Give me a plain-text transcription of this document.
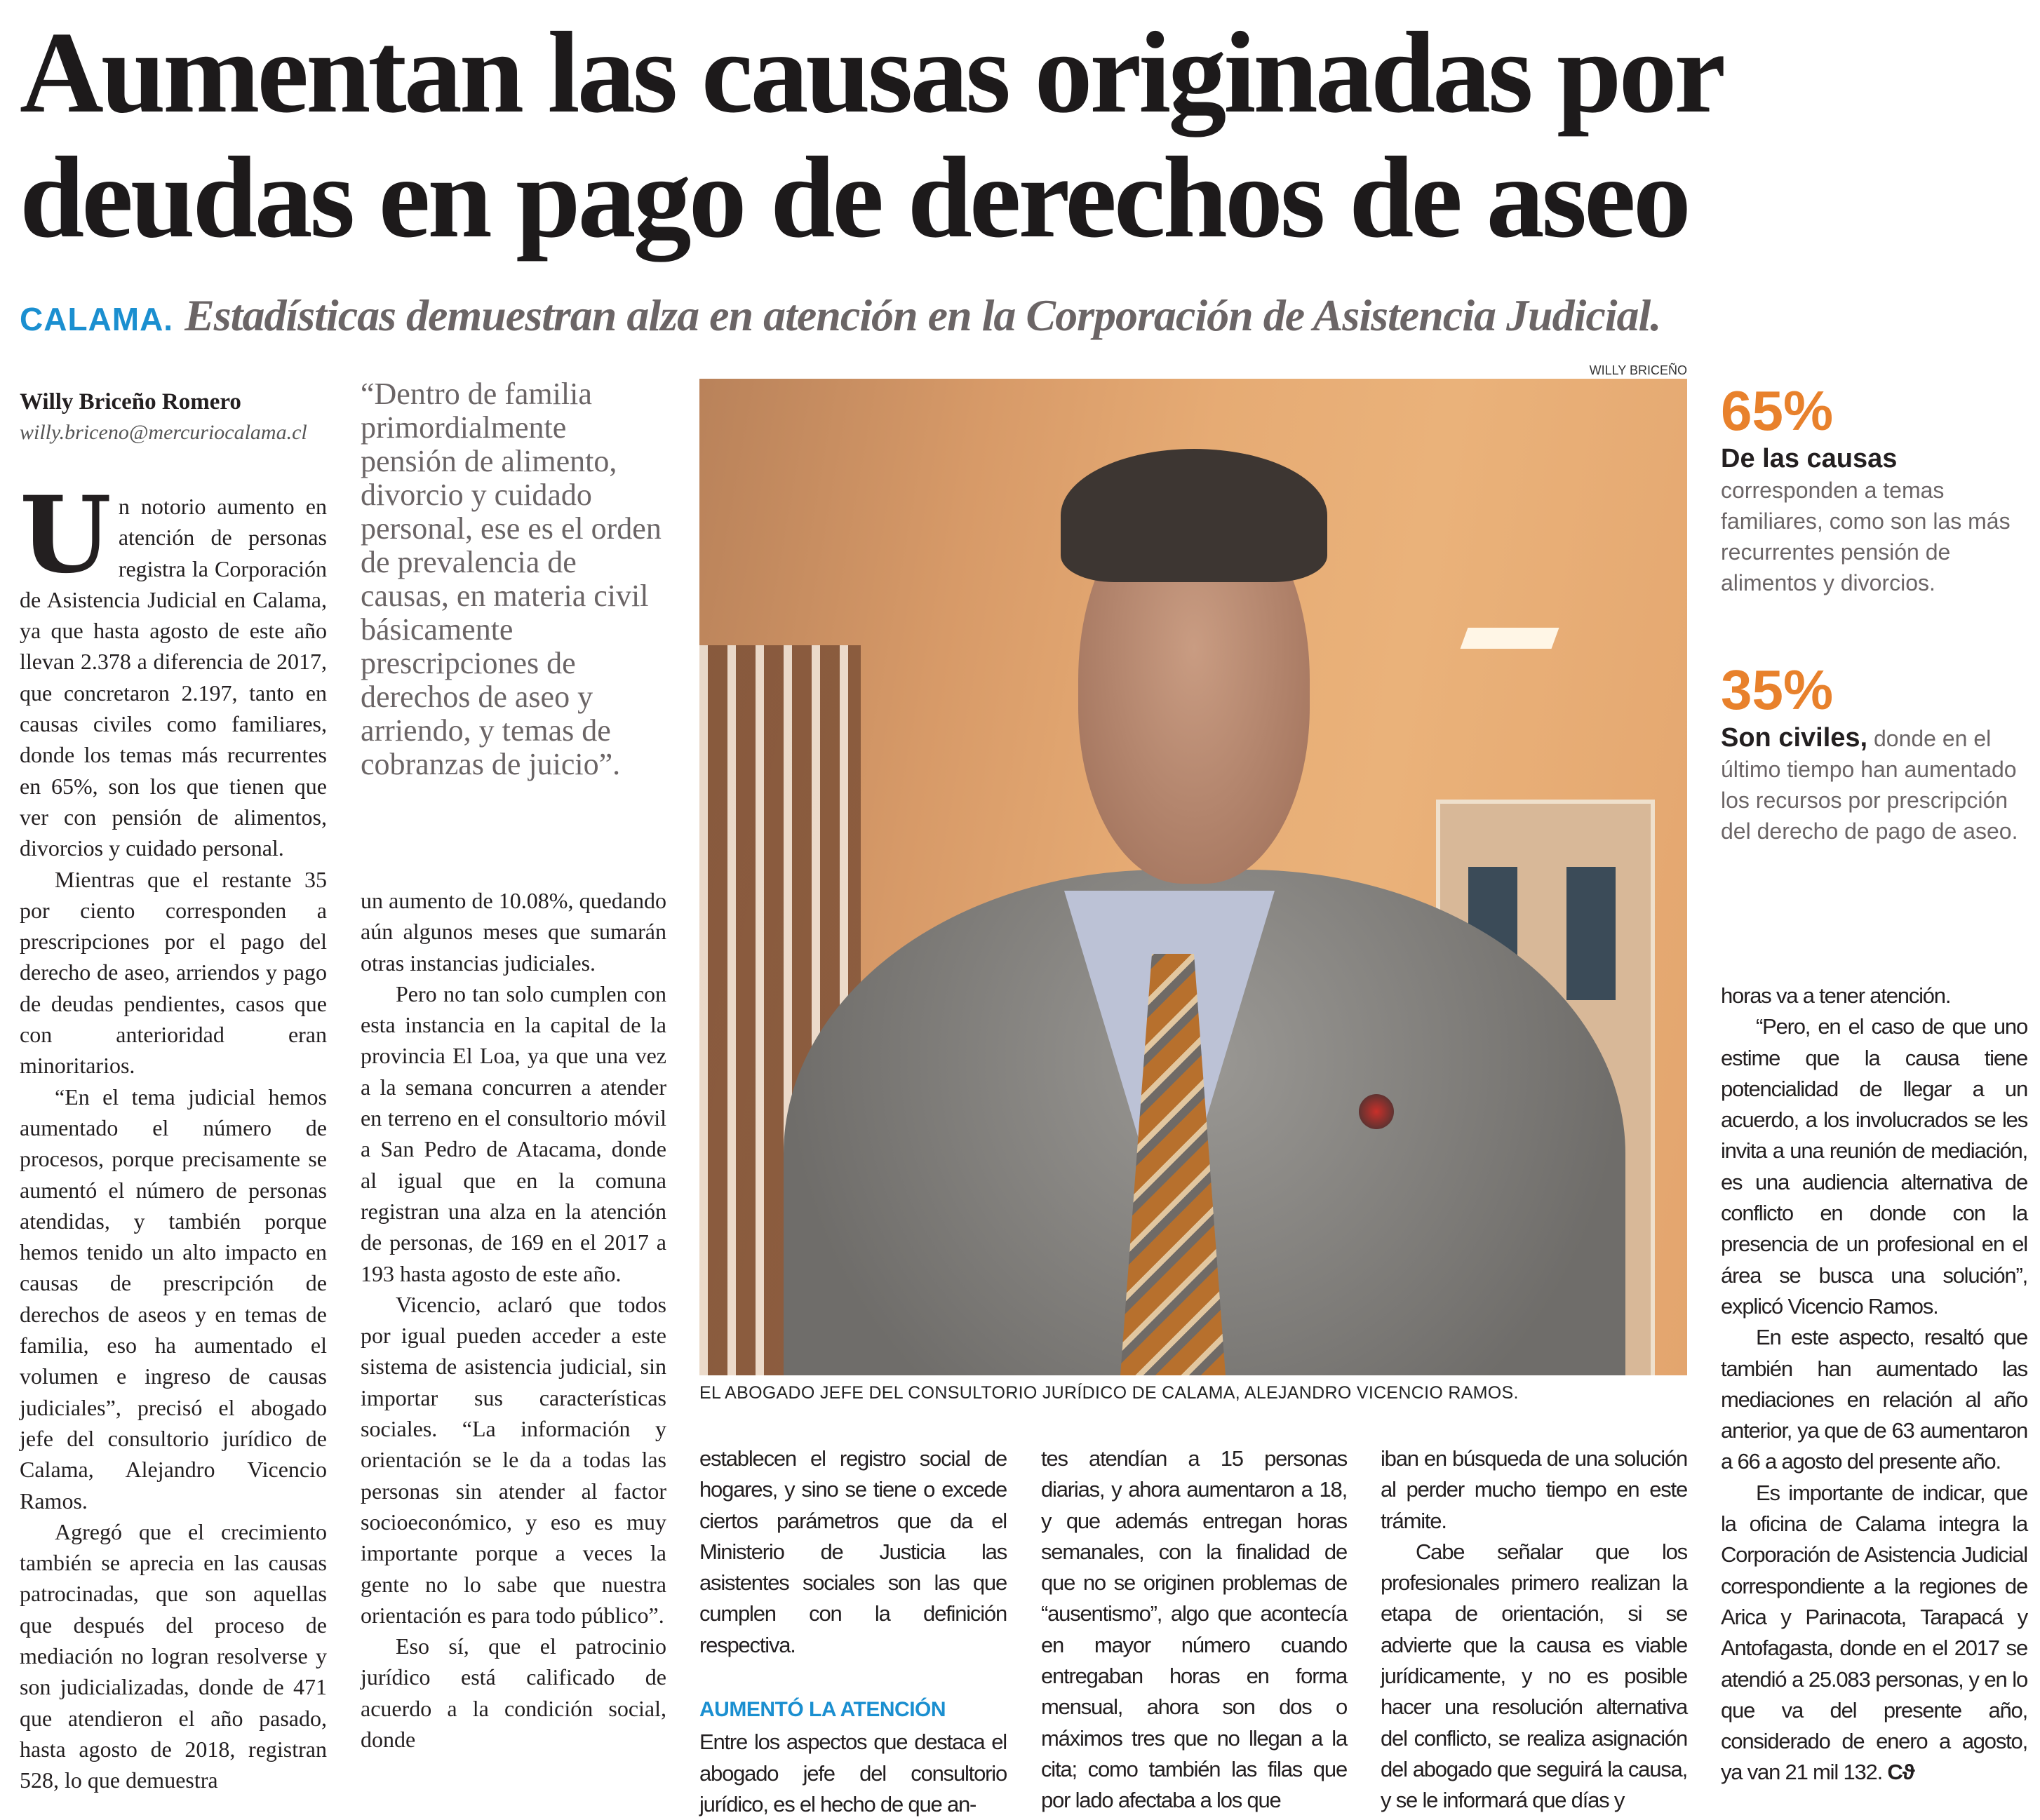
Aumentan las causas originadas por
deudas en pago de derechos de aseo
CALAMA. Estadísticas demuestran alza en atención en la Corporación de Asistencia Judicial.
Willy Briceño Romero
willy.briceno@mercuriocalama.cl

Un notorio aumento en atención de personas registra la Corporación de Asistencia Judicial en Calama, ya que hasta agosto de este año llevan 2.378 a diferencia de 2017, que concretaron 2.197, tanto en causas civiles como familiares, donde los temas más recurrentes en 65%, son los que tienen que ver con pensión de alimentos, divorcios y cuidado personal.

Mientras que el restante 35 por ciento corresponden a prescripciones por el pago del derecho de aseo, arriendos y pago de deudas pendientes, casos que con anterioridad eran minoritarios.

“En el tema judicial hemos aumentado el número de procesos, porque precisamente se aumentó el número de personas atendidas, y también porque hemos tenido un alto impacto en causas de prescripción de derechos de aseos y en temas de familia, eso ha aumentado el volumen e ingreso de causas judiciales”, precisó el abogado jefe del consultorio jurídico de Calama, Alejandro Vicencio Ramos.

Agregó que el crecimiento también se aprecia en las causas patrocinadas, que son aquellas que después del proceso de mediación no logran resolverse y son judicializadas, donde de 471 que atendieron el año pasado, hasta agosto de 2018, registran 528, lo que demuestra

“Dentro de familia primordialmente pensión de alimento, divorcio y cuidado personal, ese es el orden de prevalencia de causas, en materia civil básicamente prescripciones de derechos de aseo y arriendo, y temas de cobranzas de juicio”.

un aumento de 10.08%, quedando aún algunos meses que sumarán otras instancias judiciales.

Pero no tan solo cumplen con esta instancia en la capital de la provincia El Loa, ya que una vez a la semana concurren a atender en terreno en el consultorio móvil a San Pedro de Atacama, donde al igual que en la comuna registran una alza en la atención de personas, de 169 en el 2017 a 193 hasta agosto de este año.

Vicencio, aclaró que todos por igual pueden acceder a este sistema de asistencia judicial, sin importar sus características sociales. “La información y orientación se le da a todas las personas sin atender al factor socioeconómico, y eso es muy importante porque a veces la gente no lo sabe que nuestra orientación es para todo público”.

Eso sí, que el patrocinio jurídico está calificado de acuerdo a la condición social, donde

WILLY BRICEÑO
EL ABOGADO JEFE DEL CONSULTORIO JURÍDICO DE CALAMA, ALEJANDRO VICENCIO RAMOS.
65%
De las causas corresponden a temas familiares, como son las más recurrentes pensión de alimentos y divorcios.
35%
Son civiles, donde en el último tiempo han aumentado los recursos por prescripción del derecho de pago de aseo.

establecen el registro social de hogares, y sino se tiene o excede ciertos parámetros que da el Ministerio de Justicia las asistentes sociales son las que cumplen con la definición respectiva.

AUMENTÓ LA ATENCIÓN

Entre los aspectos que destaca el abogado jefe del consultorio jurídico, es el hecho de que an-

tes atendían a 15 personas diarias, y ahora aumentaron a 18, y que además entregan horas semanales, con la finalidad de que no se originen problemas de “ausentismo”, algo que acontecía en mayor número cuando entregaban horas en forma mensual, ahora son dos o máximos tres que no llegan a la cita; como también las filas que por lado afectaba a los que

iban en búsqueda de una solución al perder mucho tiempo en este trámite.

Cabe señalar que los profesionales primero realizan la etapa de orientación, si se advierte que la causa es viable jurídicamente, y no es posible hacer una resolución alternativa del conflicto, se realiza asignación del abogado que seguirá la causa, y se le informará que días y

horas va a tener atención.

“Pero, en el caso de que uno estime que la causa tiene potencialidad de llegar a un acuerdo, a los involucrados se les invita a una reunión de mediación, es una audiencia alternativa de conflicto en donde con la presencia de un profesional en el área se busca una solución”, explicó Vicencio Ramos.

En este aspecto, resaltó que también han aumentado las mediaciones en relación al año anterior, ya que de 63 aumentaron a 66 a agosto del presente año.

Es importante de indicar, que la oficina de Calama integra la Corporación de Asistencia Judicial correspondiente a la regiones de Arica y Parinacota, Tarapacá y Antofagasta, donde en el 2017 se atendió a 25.083 personas, y en lo que va del presente año, considerado de enero a agosto, ya van 21 mil 132. Cϑ
